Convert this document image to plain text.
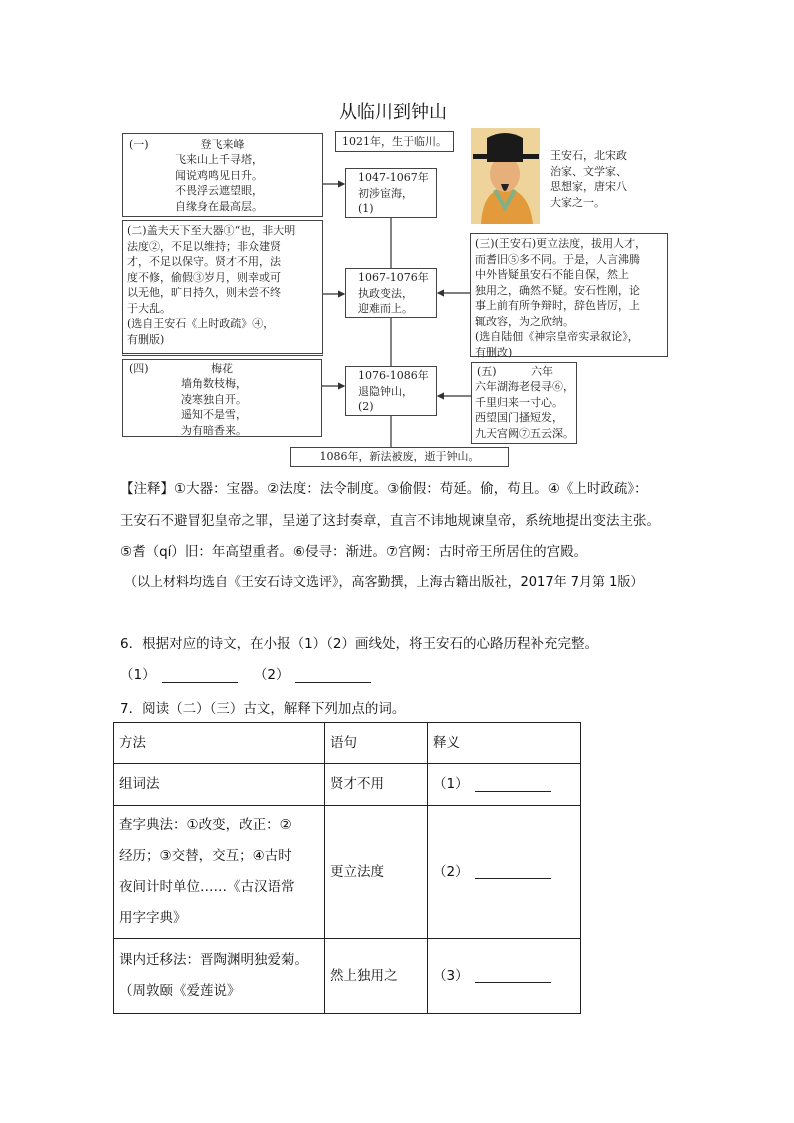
从临川到钟山
(一)	登飞来峰
飞来山上千寻塔，
闻说鸡鸣见日升。
不畏浮云遮望眼，
自缘身在最高层。
1021年，生于临川。
1047-1067年
初涉宦海，
(1)
王安石，北宋政
治家、文学家、
思想家，唐宋八
大家之一。
(二)盖夫天下至大器①“也，非大明
法度②，不足以维持；非众建贤
才，不足以保守。贤才不用，法
度不修，偷假③岁月，则幸或可
以无他，旷日持久，则未尝不终
于大乱。
(选自王安石《上时政疏》④，
有删版)
1067-1076年
执政变法，
迎难而上。
(三)(王安石)更立法度，拔用人才，
而耆旧⑤多不同。于是，人言沸腾
中外皆疑虽安石不能自保，然上
独用之，确然不疑。安石性刚，论
事上前有所争辩时，辞色皆厉，上
辄改容，为之欣纳。
(选自陆佃《神宗皇帝实录叙论》，
有删改)
(四)	梅花
墙角数枝梅，
凌寒独自开。
遥知不是雪，
为有暗香来。
1076-1086年
退隐钟山，
(2)
(五)	六年
六年湖海老侵寻⑥，
千里归来一寸心。
西望国门搔短发，
九天宫阙⑦五云深。
1086年，新法被废，逝于钟山。
【注释】①大器：宝器。②法度：法令制度。③偷假：苟延。偷，苟且。④《上时政疏》：
王安石不避冒犯皇帝之罪，呈递了这封奏章，直言不讳地规谏皇帝，系统地提出变法主张。
⑤耆（qí）旧：年高望重者。⑥侵寻：渐进。⑦宫阙：古时帝王所居住的宫殿。
（以上材料均选自《王安石诗文选评》，高客勤撰，上海古籍出版社，2017年 7月第 1版）
6．根据对应的诗文，在小报（1）（2）画线处，将王安石的心路历程补充完整。
（1）	（2）
7．阅读（二）（三）古文，解释下列加点的词。
方法	语句	释义
组词法	贤才不用	（1）

查字典法：①改变，改正：②
经历；③交替，交互；④古时
夜间计时单位……《古汉语常
用字字典》	更立法度	（2）

课内迁移法：晋陶渊明独爱菊。
（周敦颐《爱莲说》	然上独用之	（3）
